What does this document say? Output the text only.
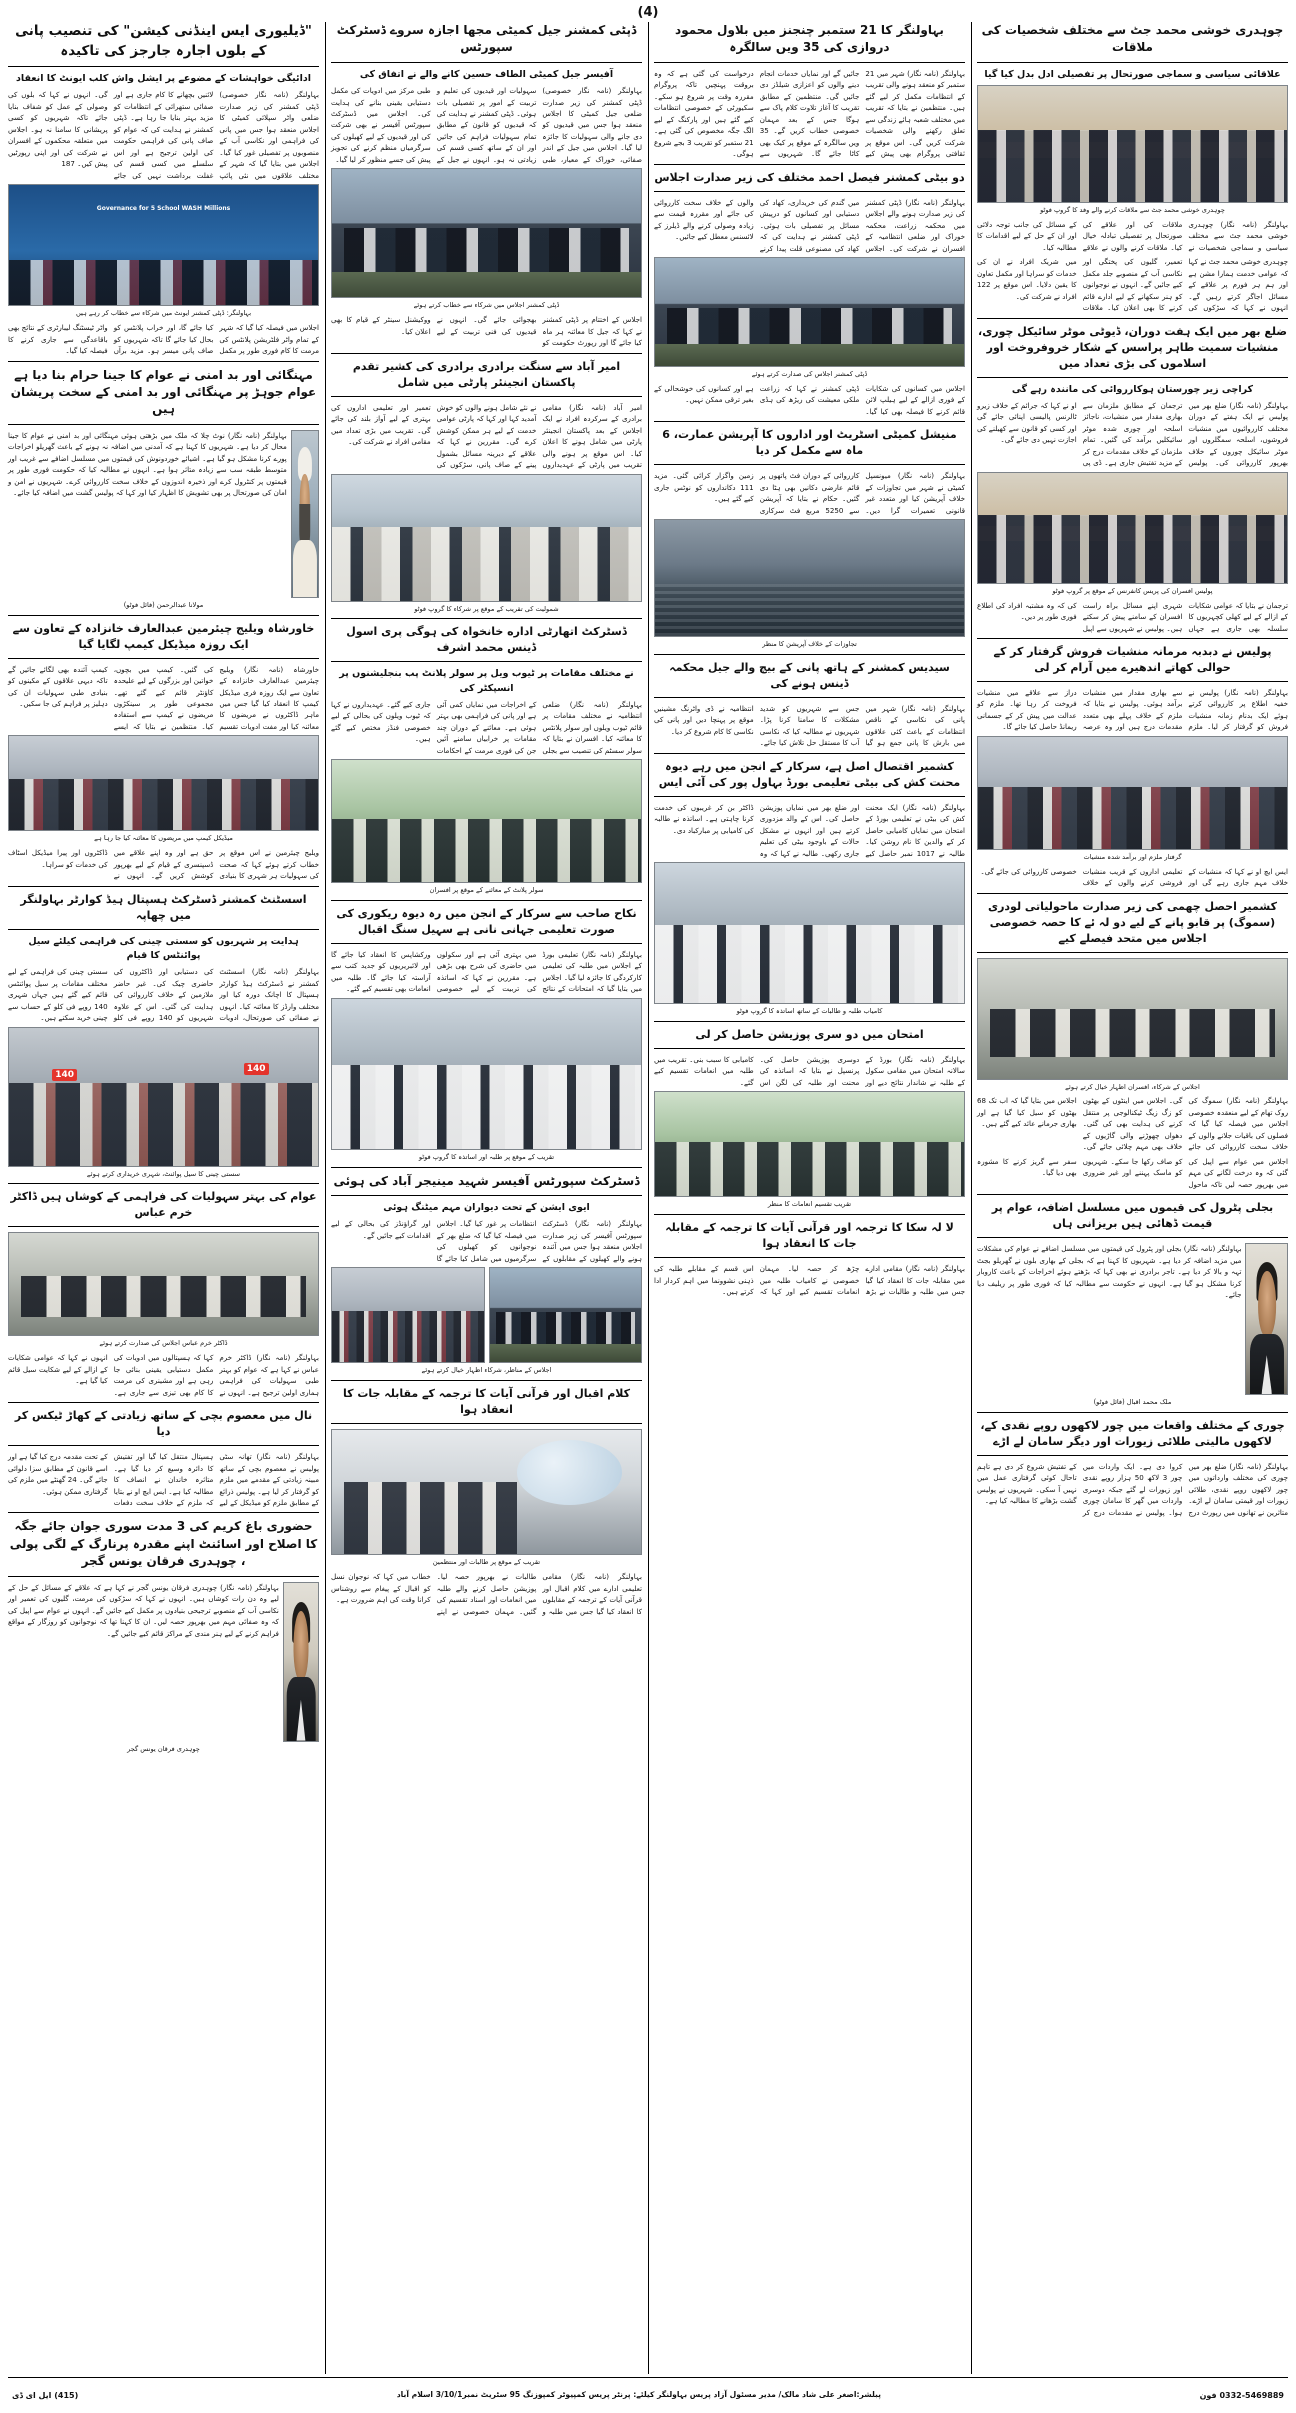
(4)
چوہدری خوشی محمد جٹ سے مختلف شخصیات کی ملاقات
علاقائی سیاسی و سماجی صورتحال پر تفصیلی ادل بدل کیا گیا
چوہدری خوشی محمد جٹ سے ملاقات کرنے والے وفد کا گروپ فوٹو
بہاولنگر (نامہ نگار) چوہدری خوشی محمد جٹ سے مختلف سیاسی و سماجی شخصیات نے ملاقات کی اور علاقے کی صورتحال پر تفصیلی تبادلہ خیال کیا۔ ملاقات کرنے والوں نے علاقے کے مسائل کی جانب توجہ دلائی اور ان کے حل کے لیے اقدامات کا مطالبہ کیا۔
چوہدری خوشی محمد جٹ نے کہا کہ عوامی خدمت ہمارا مشن ہے اور ہم ہر فورم پر علاقے کے مسائل اجاگر کرتے رہیں گے۔ انہوں نے کہا کہ سڑکوں کی تعمیر، گلیوں کی پختگی اور نکاسی آب کے منصوبے جلد مکمل کیے جائیں گے۔ انہوں نے نوجوانوں کو ہنر سکھانے کے لیے ادارے قائم کرنے کا بھی اعلان کیا۔ ملاقات میں شریک افراد نے ان کی خدمات کو سراہا اور مکمل تعاون کا یقین دلایا۔ اس موقع پر 122 افراد نے شرکت کی۔
ضلع بھر میں ایک ہفت دوران، ڈیوٹی موٹر سائیکل چوری، منشیات سمیت طاہر پراسس کے شکار خروفروخت اور اسلاموں کی بڑی تعداد میں
کراچی زیر چورستان ہوکارروائی کی مانندہ رہے گی
بہاولنگر (نامہ نگار) ضلع بھر میں پولیس نے ایک ہفتے کے دوران مختلف کارروائیوں میں منشیات فروشوں، اسلحہ سمگلروں اور موٹر سائیکل چوروں کے خلاف بھرپور کارروائی کی۔ پولیس ترجمان کے مطابق ملزمان سے بھاری مقدار میں منشیات، ناجائز اسلحہ اور چوری شدہ موٹر سائیکلیں برآمد کی گئیں۔ تمام ملزمان کے خلاف مقدمات درج کر کے مزید تفتیش جاری ہے۔ ڈی پی او نے کہا کہ جرائم کے خلاف زیرو ٹالرنس پالیسی اپنائی جائے گی اور کسی کو قانون سے کھیلنے کی اجازت نہیں دی جائے گی۔
پولیس افسران کی پریس کانفرنس کے موقع پر گروپ فوٹو
ترجمان نے بتایا کہ عوامی شکایات کے ازالے کے لیے کھلی کچہریوں کا سلسلہ بھی جاری ہے جہاں شہری اپنے مسائل براہ راست افسران کے سامنے پیش کر سکتے ہیں۔ پولیس نے شہریوں سے اپیل کی کہ وہ مشتبہ افراد کی اطلاع فوری طور پر دیں۔
پولیس نے دبدبہ مرمانہ منشیات فروش گرفتار کر کے حوالی کھاتے اندھیرے میں آرام کر لی
بہاولنگر (نامہ نگار) پولیس نے خفیہ اطلاع پر کارروائی کرتے ہوئے ایک بدنام زمانہ منشیات فروش کو گرفتار کر لیا۔ ملزم سے بھاری مقدار میں منشیات برآمد ہوئی۔ پولیس نے بتایا کہ ملزم کے خلاف پہلے بھی متعدد مقدمات درج ہیں اور وہ عرصہ دراز سے علاقے میں منشیات فروخت کر رہا تھا۔ ملزم کو عدالت میں پیش کر کے جسمانی ریمانڈ حاصل کیا جائے گا۔
گرفتار ملزم اور برآمد شدہ منشیات
ایس ایچ او نے کہا کہ منشیات کے خلاف مہم جاری رہے گی اور تعلیمی اداروں کے قریب منشیات فروشی کرنے والوں کے خلاف خصوصی کارروائی کی جائے گی۔
کشمیر احصل چھمی کی زیر صدارت ماحولیاتی لودری (سموگ) پر قابو پانے کے لیے دو لہ ئے کا حصہ خصوصی اجلاس میں متحد فیصلے کیے
اجلاس کے شرکاء، افسران اظہار خیال کرتے ہوئے
بہاولنگر (نامہ نگار) سموگ کی روک تھام کے لیے منعقدہ خصوصی اجلاس میں فیصلہ کیا گیا کہ فصلوں کی باقیات جلانے والوں کے خلاف سخت کارروائی کی جائے گی۔ اجلاس میں اینٹوں کے بھٹوں کو زگ زیگ ٹیکنالوجی پر منتقل کرنے کی ہدایت بھی کی گئی۔ دھواں چھوڑنے والی گاڑیوں کے خلاف بھی مہم چلائی جائے گی۔ اجلاس میں بتایا گیا کہ اب تک 68 بھٹوں کو سیل کیا گیا ہے اور بھاری جرمانے عائد کیے گئے ہیں۔
اجلاس میں عوام سے اپیل کی گئی کہ وہ درخت لگانے کی مہم میں بھرپور حصہ لیں تاکہ ماحول کو صاف رکھا جا سکے۔ شہریوں کو ماسک پہننے اور غیر ضروری سفر سے گریز کرنے کا مشورہ بھی دیا گیا۔
بجلی پٹرول کی قیموں میں مسلسل اضافہ، عوام پر قیمت ڈھائی ہیں بریزانی ہاں
بہاولنگر (نامہ نگار) بجلی اور پٹرول کی قیمتوں میں مسلسل اضافے نے عوام کی مشکلات میں مزید اضافہ کر دیا ہے۔ شہریوں کا کہنا ہے کہ بجلی کے بھاری بلوں نے گھریلو بجٹ تہہ و بالا کر دیا ہے۔ تاجر برادری نے بھی کہا کہ بڑھتے ہوئے اخراجات کے باعث کاروبار کرنا مشکل ہو گیا ہے۔ انہوں نے حکومت سے مطالبہ کیا کہ فوری طور پر ریلیف دیا جائے۔
ملک محمد اقبال (فائل فوٹو)
چوری کے مختلف واقعات میں چور لاکھوں روپے نقدی کے، لاکھوں مالیتی طلائی زیورات اور دیگر سامان لے اڑے
بہاولنگر (نامہ نگار) ضلع بھر میں چوری کی مختلف وارداتوں میں چور لاکھوں روپے نقدی، طلائی زیورات اور قیمتی سامان لے اڑے۔ متاثرین نے تھانوں میں رپورٹ درج کروا دی ہے۔ ایک واردات میں چور 3 لاکھ 50 ہزار روپے نقدی اور زیورات لے گئے جبکہ دوسری واردات میں گھر کا سامان چوری ہوا۔ پولیس نے مقدمات درج کر کے تفتیش شروع کر دی ہے تاہم تاحال کوئی گرفتاری عمل میں نہیں آ سکی۔ شہریوں نے پولیس گشت بڑھانے کا مطالبہ کیا ہے۔
بہاولنگر کا 21 ستمبر چنجنز میں بلاول محمود دروازی کی 35 ویں سالگرہ
بہاولنگر (نامہ نگار) شہر میں 21 ستمبر کو منعقد ہونے والی تقریب کے انتظامات مکمل کر لیے گئے ہیں۔ منتظمین نے بتایا کہ تقریب میں مختلف شعبہ ہائے زندگی سے تعلق رکھنے والی شخصیات شرکت کریں گی۔ اس موقع پر ثقافتی پروگرام بھی پیش کیے جائیں گے اور نمایاں خدمات انجام دینے والوں کو اعزازی شیلڈز دی جائیں گی۔ منتظمین کے مطابق تقریب کا آغاز تلاوت کلام پاک سے ہوگا جس کے بعد مہمان خصوصی خطاب کریں گے۔ 35 ویں سالگرہ کے موقع پر کیک بھی کاٹا جائے گا۔ شہریوں سے درخواست کی گئی ہے کہ وہ بروقت پہنچیں تاکہ پروگرام مقررہ وقت پر شروع ہو سکے۔ سکیورٹی کے خصوصی انتظامات کیے گئے ہیں اور پارکنگ کے لیے الگ جگہ مخصوص کی گئی ہے۔ 21 ستمبر کو تقریب 3 بجے شروع ہوگی۔
دو بیٹی کمشنر فیصل احمد مختلف کی زیر صدارت اجلاس
بہاولنگر (نامہ نگار) ڈپٹی کمشنر کی زیر صدارت ہونے والے اجلاس میں محکمہ زراعت، محکمہ خوراک اور ضلعی انتظامیہ کے افسران نے شرکت کی۔ اجلاس میں گندم کی خریداری، کھاد کی دستیابی اور کسانوں کو درپیش مسائل پر تفصیلی بات ہوئی۔ ڈپٹی کمشنر نے ہدایت کی کہ کھاد کی مصنوعی قلت پیدا کرنے والوں کے خلاف سخت کارروائی کی جائے اور مقررہ قیمت سے زیادہ وصولی کرنے والے ڈیلرز کے لائسنس معطل کیے جائیں۔
ڈپٹی کمشنر اجلاس کی صدارت کرتے ہوئے
اجلاس میں کسانوں کی شکایات کے فوری ازالے کے لیے ہیلپ لائن قائم کرنے کا فیصلہ بھی کیا گیا۔ ڈپٹی کمشنر نے کہا کہ زراعت ملکی معیشت کی ریڑھ کی ہڈی ہے اور کسانوں کی خوشحالی کے بغیر ترقی ممکن نہیں۔
منیشل کمیٹی اسٹریٹ اور اداروں کا آپریشن عمارت، 6 ماہ سے مکمل کر دیا
بہاولنگر (نامہ نگار) میونسپل کمیٹی نے شہر میں تجاوزات کے خلاف آپریشن کیا اور متعدد غیر قانونی تعمیرات گرا دیں۔ کارروائی کے دوران فٹ پاتھوں پر قائم عارضی دکانیں بھی ہٹا دی گئیں۔ حکام نے بتایا کہ آپریشن سے 5250 مربع فٹ سرکاری زمین واگزار کرائی گئی۔ مزید 111 دکانداروں کو نوٹس جاری کیے گئے ہیں۔
تجاوزات کے خلاف آپریشن کا منظر
سیدیس کمشنر کے ہاتھ پانی کے بیچ والے جیل محکمہ ڈینس ہونے کی
بہاولنگر (نامہ نگار) شہر میں پانی کی نکاسی کے ناقص انتظامات کے باعث کئی علاقوں میں بارش کا پانی جمع ہو گیا جس سے شہریوں کو شدید مشکلات کا سامنا کرنا پڑا۔ شہریوں نے مطالبہ کیا کہ نکاسی آب کا مستقل حل تلاش کیا جائے۔ انتظامیہ نے ڈی واٹرنگ مشینیں موقع پر پہنچا دیں اور پانی کی نکاسی کا کام شروع کر دیا۔
کشمیر اقتصال اصل ہے، سرکار کے انجن میں رہے دیوہ محنت کش کی بیٹی تعلیمی بورڈ بہاول پور کی آئی ایس
بہاولنگر (نامہ نگار) ایک محنت کش کی بیٹی نے تعلیمی بورڈ کے امتحان میں نمایاں کامیابی حاصل کر کے والدین کا نام روشن کیا۔ طالبہ نے 1017 نمبر حاصل کیے اور ضلع بھر میں نمایاں پوزیشن حاصل کی۔ اس کے والد مزدوری کرتے ہیں اور انہوں نے مشکل حالات کے باوجود بیٹی کی تعلیم جاری رکھی۔ طالبہ نے کہا کہ وہ ڈاکٹر بن کر غریبوں کی خدمت کرنا چاہتی ہے۔ اساتذہ نے طالبہ کی کامیابی پر مبارکباد دی۔
کامیاب طلبہ و طالبات کے ساتھ اساتذہ کا گروپ فوٹو
امتحان میں دو سری پوزیشن حاصل کر لی
بہاولنگر (نامہ نگار) بورڈ کے سالانہ امتحان میں مقامی سکول کے طلبہ نے شاندار نتائج دیے اور دوسری پوزیشن حاصل کی۔ پرنسپل نے بتایا کہ اساتذہ کی محنت اور طلبہ کی لگن اس کامیابی کا سبب بنی۔ تقریب میں طلبہ میں انعامات تقسیم کیے گئے۔
تقریب تقسیم انعامات کا منظر
لا لہ سکا کا ترجمہ اور قرآنی آیات کا ترجمہ کے مقابلہ جات کا انعقاد ہوا
بہاولنگر (نامہ نگار) مقامی ادارے میں مقابلہ جات کا انعقاد کیا گیا جس میں طلبہ و طالبات نے بڑھ چڑھ کر حصہ لیا۔ مہمان خصوصی نے کامیاب طلبہ میں انعامات تقسیم کیے اور کہا کہ اس قسم کے مقابلے طلبہ کی ذہنی نشوونما میں اہم کردار ادا کرتے ہیں۔
ڈپٹی کمشنر جیل کمیٹی مجھا اجازہ سروے ڈسٹرکٹ سپورٹس
آفیسر جیل کمیٹی الطاف حسین کانے والے نے اتفاق کی
بہاولنگر (نامہ نگار خصوصی) ڈپٹی کمشنر کی زیر صدارت ضلعی جیل کمیٹی کا اجلاس منعقد ہوا جس میں قیدیوں کو دی جانے والی سہولیات کا جائزہ لیا گیا۔ اجلاس میں جیل کے اندر صفائی، خوراک کے معیار، طبی سہولیات اور قیدیوں کی تعلیم و تربیت کے امور پر تفصیلی بات ہوئی۔ ڈپٹی کمشنر نے ہدایت کی کہ قیدیوں کو قانون کے مطابق تمام سہولیات فراہم کی جائیں اور ان کے ساتھ کسی قسم کی زیادتی نہ ہو۔ انہوں نے جیل کے طبی مرکز میں ادویات کی مکمل دستیابی یقینی بنانے کی ہدایت کی۔ اجلاس میں ڈسٹرکٹ سپورٹس آفیسر نے بھی شرکت کی اور قیدیوں کے لیے کھیلوں کی سرگرمیاں منظم کرنے کی تجویز پیش کی جسے منظور کر لیا گیا۔
ڈپٹی کمشنر اجلاس میں شرکاء سے خطاب کرتے ہوئے
اجلاس کے اختتام پر ڈپٹی کمشنر نے کہا کہ جیل کا معائنہ ہر ماہ کیا جائے گا اور رپورٹ حکومت کو بھجوائی جائے گی۔ انہوں نے قیدیوں کی فنی تربیت کے لیے ووکیشنل سینٹر کے قیام کا بھی اعلان کیا۔
امیر آباد سے سنگت برادری برادری کی کشیر تقدم پاکستان انجینئر پارٹی میں شامل
امیر آباد (نامہ نگار) مقامی برادری کے سرکردہ افراد نے ایک اجلاس کے بعد پاکستان انجینئر پارٹی میں شامل ہونے کا اعلان کیا۔ اس موقع پر ہونے والی تقریب میں پارٹی کے عہدیداروں نے نئے شامل ہونے والوں کو خوش آمدید کہا اور کہا کہ پارٹی عوامی خدمت کے لیے ہر ممکن کوشش کرے گی۔ مقررین نے کہا کہ علاقے کے دیرینہ مسائل بشمول پینے کے صاف پانی، سڑکوں کی تعمیر اور تعلیمی اداروں کی بہتری کے لیے آواز بلند کی جائے گی۔ تقریب میں بڑی تعداد میں مقامی افراد نے شرکت کی۔
شمولیت کی تقریب کے موقع پر شرکاء کا گروپ فوٹو
ڈسٹرکٹ اتھارٹی اداره خانخواہ کی ہوگی پری اسول ڈینس محمد اشرف
نے مختلف مقامات پر ٹیوب ویل پر سولر پلانٹ پب بنجلیشنوں پر انسپکٹر کی
بہاولنگر (نامہ نگار) ضلعی انتظامیہ نے مختلف مقامات پر قائم ٹیوب ویلوں اور سولر پلانٹس کا معائنہ کیا۔ افسران نے بتایا کہ سولر سسٹم کی تنصیب سے بجلی کے اخراجات میں نمایاں کمی آئی ہے اور پانی کی فراہمی بھی بہتر ہوئی ہے۔ معائنے کے دوران چند مقامات پر خرابیاں سامنے آئیں جن کی فوری مرمت کے احکامات جاری کیے گئے۔ عہدیداروں نے کہا کہ ٹیوب ویلوں کی بحالی کے لیے خصوصی فنڈز مختص کیے گئے ہیں۔
سولر پلانٹ کے معائنے کے موقع پر افسران
نکاح صاحب سے سرکار کے انجن میں رہ دیوہ ریکوری کی صورت تعلیمی جہانی نانی ہے سہیل سنگ اقبال
بہاولنگر (نامہ نگار) تعلیمی بورڈ کے اجلاس میں طلبہ کی تعلیمی کارکردگی کا جائزہ لیا گیا۔ اجلاس میں بتایا گیا کہ امتحانات کے نتائج میں بہتری آئی ہے اور سکولوں میں حاضری کی شرح بھی بڑھی ہے۔ مقررین نے کہا کہ اساتذہ کی تربیت کے لیے خصوصی ورکشاپس کا انعقاد کیا جائے گا اور لائبریریوں کو جدید کتب سے آراستہ کیا جائے گا۔ طلبہ میں انعامات بھی تقسیم کیے گئے۔
تقریب کے موقع پر طلبہ اور اساتذہ کا گروپ فوٹو
ڈسٹرکٹ سپورٹس آفیسر شہید مینیجر آباد کی ہوئی
ایوی ایشن کے تحت دیواران مہم میٹنگ ہوئی
بہاولنگر (نامہ نگار) ڈسٹرکٹ سپورٹس آفیسر کی زیر صدارت اجلاس منعقد ہوا جس میں آئندہ ہونے والے کھیلوں کے مقابلوں کے انتظامات پر غور کیا گیا۔ اجلاس میں فیصلہ کیا گیا کہ ضلع بھر کے نوجوانوں کو کھیلوں کی سرگرمیوں میں شامل کیا جائے گا اور گراؤنڈز کی بحالی کے لیے اقدامات کیے جائیں گے۔
اجلاس کے مناظر، شرکاء اظہار خیال کرتے ہوئے
کلام اقبال اور قرآنی آیات کا ترجمہ کے مقابلہ جات کا انعقاد ہوا
تقریب کے موقع پر طالبات اور منتظمین
بہاولنگر (نامہ نگار) مقامی تعلیمی ادارے میں کلام اقبال اور قرآنی آیات کے ترجمہ کے مقابلوں کا انعقاد کیا گیا جس میں طلبہ و طالبات نے بھرپور حصہ لیا۔ پوزیشن حاصل کرنے والے طلبہ میں انعامات اور اسناد تقسیم کی گئیں۔ مہمان خصوصی نے اپنے خطاب میں کہا کہ نوجوان نسل کو اقبال کے پیغام سے روشناس کرانا وقت کی اہم ضرورت ہے۔
"ڈیلیوری ایس اینڈنی کیشن" کی تنصیب پانی کے بلوں اجارہ جارجز کی تاکیدہ
ادائیگی خواہشات کے مضوعے پر ایشل واش کلب ایونٹ کا انعقاد
بہاولنگر (نامہ نگار خصوصی) ڈپٹی کمشنر کی زیر صدارت ضلعی واٹر سپلائی کمیٹی کا اجلاس منعقد ہوا جس میں پانی کی فراہمی اور نکاسی آب کے منصوبوں پر تفصیلی غور کیا گیا۔ اجلاس میں بتایا گیا کہ شہر کے مختلف علاقوں میں نئی پائپ لائنیں بچھانے کا کام جاری ہے اور صفائی ستھرائی کے انتظامات کو مزید بہتر بنایا جا رہا ہے۔ ڈپٹی کمشنر نے ہدایت کی کہ عوام کو صاف پانی کی فراہمی حکومت کی اولین ترجیح ہے اور اس سلسلے میں کسی قسم کی غفلت برداشت نہیں کی جائے گی۔ انہوں نے کہا کہ بلوں کی وصولی کے عمل کو شفاف بنایا جائے تاکہ شہریوں کو کسی پریشانی کا سامنا نہ ہو۔ اجلاس میں متعلقہ محکموں کے افسران نے شرکت کی اور اپنی رپورٹیں پیش کیں۔ 187
Governance for 5 School WASH Millions
بہاولنگر: ڈپٹی کمشنر ایونٹ میں شرکاء سے خطاب کر رہے ہیں
اجلاس میں فیصلہ کیا گیا کہ شہر کے تمام واٹر فلٹریشن پلانٹس کی مرمت کا کام فوری طور پر مکمل کیا جائے گا، اور خراب پلانٹس کو بحال کیا جائے گا تاکہ شہریوں کو صاف پانی میسر ہو۔ مزید برآں واٹر ٹیسٹنگ لیبارٹری کے نتائج بھی باقاعدگی سے جاری کرنے کا فیصلہ کیا گیا۔
مہنگائی اور بد امنی نے عوام کا جینا حرام بنا دیا ہے عوام جوہڑ پر مہنگائی اور بد امنی کے سخت پریشان ہیں
بہاولنگر (نامہ نگار) نوٹ چلا کہ ملک میں بڑھتی ہوئی مہنگائی اور بد امنی نے عوام کا جینا محال کر دیا ہے۔ شہریوں کا کہنا ہے کہ آمدنی میں اضافہ نہ ہونے کے باعث گھریلو اخراجات پورے کرنا مشکل ہو گیا ہے۔ اشیائے خوردونوش کی قیمتوں میں مسلسل اضافے سے غریب اور متوسط طبقہ سب سے زیادہ متاثر ہوا ہے۔ انہوں نے مطالبہ کیا کہ حکومت فوری طور پر قیمتوں پر کنٹرول کرے اور ذخیرہ اندوزوں کے خلاف سخت کارروائی کرے۔ شہریوں نے امن و امان کی صورتحال پر بھی تشویش کا اظہار کیا اور کہا کہ پولیس گشت میں اضافہ کیا جائے۔
مولانا عبدالرحمن (فائل فوٹو)
خاورشاہ ویلیج چیئرمین عبدالعارف خانزادہ کے تعاون سے ایک روزہ میڈیکل کیمپ لگایا گیا
خاورشاہ (نامہ نگار) ویلیج چیئرمین عبدالعارف خانزادہ کے تعاون سے ایک روزہ فری میڈیکل کیمپ کا انعقاد کیا گیا جس میں ماہر ڈاکٹروں نے مریضوں کا معائنہ کیا اور مفت ادویات تقسیم کی گئیں۔ کیمپ میں بچوں، خواتین اور بزرگوں کے لیے علیحدہ کاؤنٹر قائم کیے گئے تھے۔ مجموعی طور پر سینکڑوں مریضوں نے کیمپ سے استفادہ کیا۔ منتظمین نے بتایا کہ ایسے کیمپ آئندہ بھی لگائے جائیں گے تاکہ دیہی علاقوں کے مکینوں کو بنیادی طبی سہولیات ان کی دہلیز پر فراہم کی جا سکیں۔
میڈیکل کیمپ میں مریضوں کا معائنہ کیا جا رہا ہے
ویلیج چیئرمین نے اس موقع پر خطاب کرتے ہوئے کہا کہ صحت کی سہولیات ہر شہری کا بنیادی حق ہے اور وہ اپنے علاقے میں ڈسپنسری کے قیام کے لیے بھرپور کوشش کریں گے۔ انہوں نے ڈاکٹروں اور پیرا میڈیکل اسٹاف کی خدمات کو سراہا۔
اسسٹنٹ کمشنر ڈسٹرکٹ ہسپتال ہیڈ کوارٹر بہاولنگر میں چھاپہ
ہدایت پر شہریوں کو سستی چینی کی فراہمی کیلئے سیل پوائنٹس کا قیام
بہاولنگر (نامہ نگار) اسسٹنٹ کمشنر نے ڈسٹرکٹ ہیڈ کوارٹر ہسپتال کا اچانک دورہ کیا اور مختلف وارڈز کا معائنہ کیا۔ انہوں نے صفائی کی صورتحال، ادویات کی دستیابی اور ڈاکٹروں کی حاضری چیک کی۔ غیر حاضر ملازمین کے خلاف کارروائی کی ہدایت کی گئی۔ اس کے علاوہ شہریوں کو 140 روپے فی کلو سستی چینی کی فراہمی کے لیے مختلف مقامات پر سیل پوائنٹس قائم کیے گئے ہیں جہاں شہری 140 روپے فی کلو کے حساب سے چینی خرید سکتے ہیں۔
140
140
سستی چینی کا سیل پوائنٹ، شہری خریداری کرتے ہوئے
عوام کی بہتر سہولیات کی فراہمی کے کوشاں ہیں ڈاکٹر خرم عباس
ڈاکٹر خرم عباس اجلاس کی صدارت کرتے ہوئے
بہاولنگر (نامہ نگار) ڈاکٹر خرم عباس نے کہا ہے کہ عوام کو بہتر طبی سہولیات کی فراہمی ہماری اولین ترجیح ہے۔ انہوں نے کہا کہ ہسپتالوں میں ادویات کی مکمل دستیابی یقینی بنائی جا رہی ہے اور مشینری کی مرمت کا کام بھی تیزی سے جاری ہے۔ انہوں نے کہا کہ عوامی شکایات کے ازالے کے لیے شکایت سیل قائم کیا گیا ہے۔
نال میں معصوم بچی کے ساتھ زیادتی کے کھاڑ ٹیکس کر دیا
بہاولنگر (نامہ نگار) تھانہ سٹی پولیس نے معصوم بچی کے ساتھ مبینہ زیادتی کے مقدمے میں ملزم کو گرفتار کر لیا ہے۔ پولیس ذرائع کے مطابق ملزم کو میڈیکل کے لیے ہسپتال منتقل کیا گیا اور تفتیش کا دائرہ وسیع کر دیا گیا ہے۔ متاثرہ خاندان نے انصاف کا مطالبہ کیا ہے۔ ایس ایچ او نے بتایا کہ ملزم کے خلاف سخت دفعات کے تحت مقدمہ درج کیا گیا ہے اور اسے قانون کے مطابق سزا دلوائی جائے گی۔ 24 گھنٹے میں ملزم کی گرفتاری ممکن ہوئی۔
حضوری باغ کریم کی 3 مدت سوری جوان جائے جگہ کا اصلاح اور اسائنٹ اپنے مقدرہ پرنارگ کے لگی پولی ، چوہدری فرقان یونس گجر
بہاولنگر (نامہ نگار) چوہدری فرقان یونس گجر نے کہا ہے کہ علاقے کے مسائل کے حل کے لیے وہ دن رات کوشاں ہیں۔ انہوں نے کہا کہ سڑکوں کی مرمت، گلیوں کی تعمیر اور نکاسی آب کے منصوبے ترجیحی بنیادوں پر مکمل کیے جائیں گے۔ انہوں نے عوام سے اپیل کی کہ وہ صفائی مہم میں بھرپور حصہ لیں۔ ان کا کہنا تھا کہ نوجوانوں کو روزگار کے مواقع فراہم کرنے کے لیے ہنر مندی کے مراکز قائم کیے جائیں گے۔
چوہدری فرقان یونس گجر
0332-5469889 فون
پبلشر:اصغر علی شاد مالک/ مدیر مسئول آزاد پریس بہاولنگر کیلئے: پرنٹر پریس کمپیوٹر کمپوزنگ 95 سٹریٹ نمبر3/10/1 اسلام آباد
(415) ایل ای ڈی
